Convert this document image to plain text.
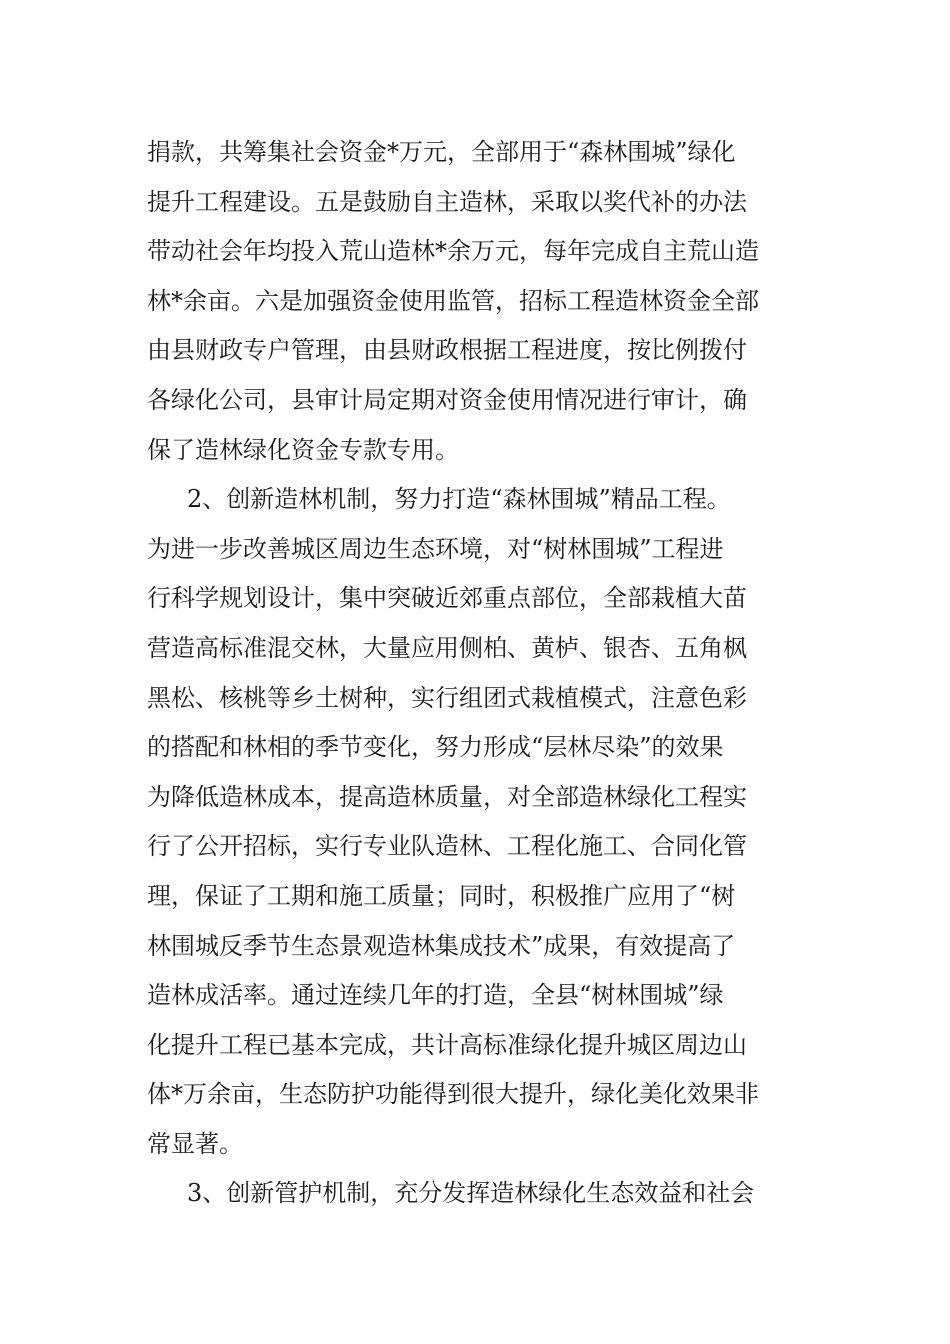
捐款，共筹集社会资金*万元，全部用于“森林围城”绿化
提升工程建设。五是鼓励自主造林，采取以奖代补的办法
带动社会年均投入荒山造林*余万元，每年完成自主荒山造
林*余亩。六是加强资金使用监管，招标工程造林资金全部
由县财政专户管理，由县财政根据工程进度，按比例拨付
各绿化公司，县审计局定期对资金使用情况进行审计，确
保了造林绿化资金专款专用。
2、创新造林机制，努力打造“森林围城”精品工程。
为进一步改善城区周边生态环境，对“树林围城”工程进
行科学规划设计，集中突破近郊重点部位，全部栽植大苗
营造高标准混交林，大量应用侧柏、黄栌、银杏、五角枫
黑松、核桃等乡土树种，实行组团式栽植模式，注意色彩
的搭配和林相的季节变化，努力形成“层林尽染”的效果
为降低造林成本，提高造林质量，对全部造林绿化工程实
行了公开招标，实行专业队造林、工程化施工、合同化管
理，保证了工期和施工质量；同时，积极推广应用了“树
林围城反季节生态景观造林集成技术”成果，有效提高了
造林成活率。通过连续几年的打造，全县“树林围城”绿
化提升工程已基本完成，共计高标准绿化提升城区周边山
体*万余亩，生态防护功能得到很大提升，绿化美化效果非
常显著。
3、创新管护机制，充分发挥造林绿化生态效益和社会
